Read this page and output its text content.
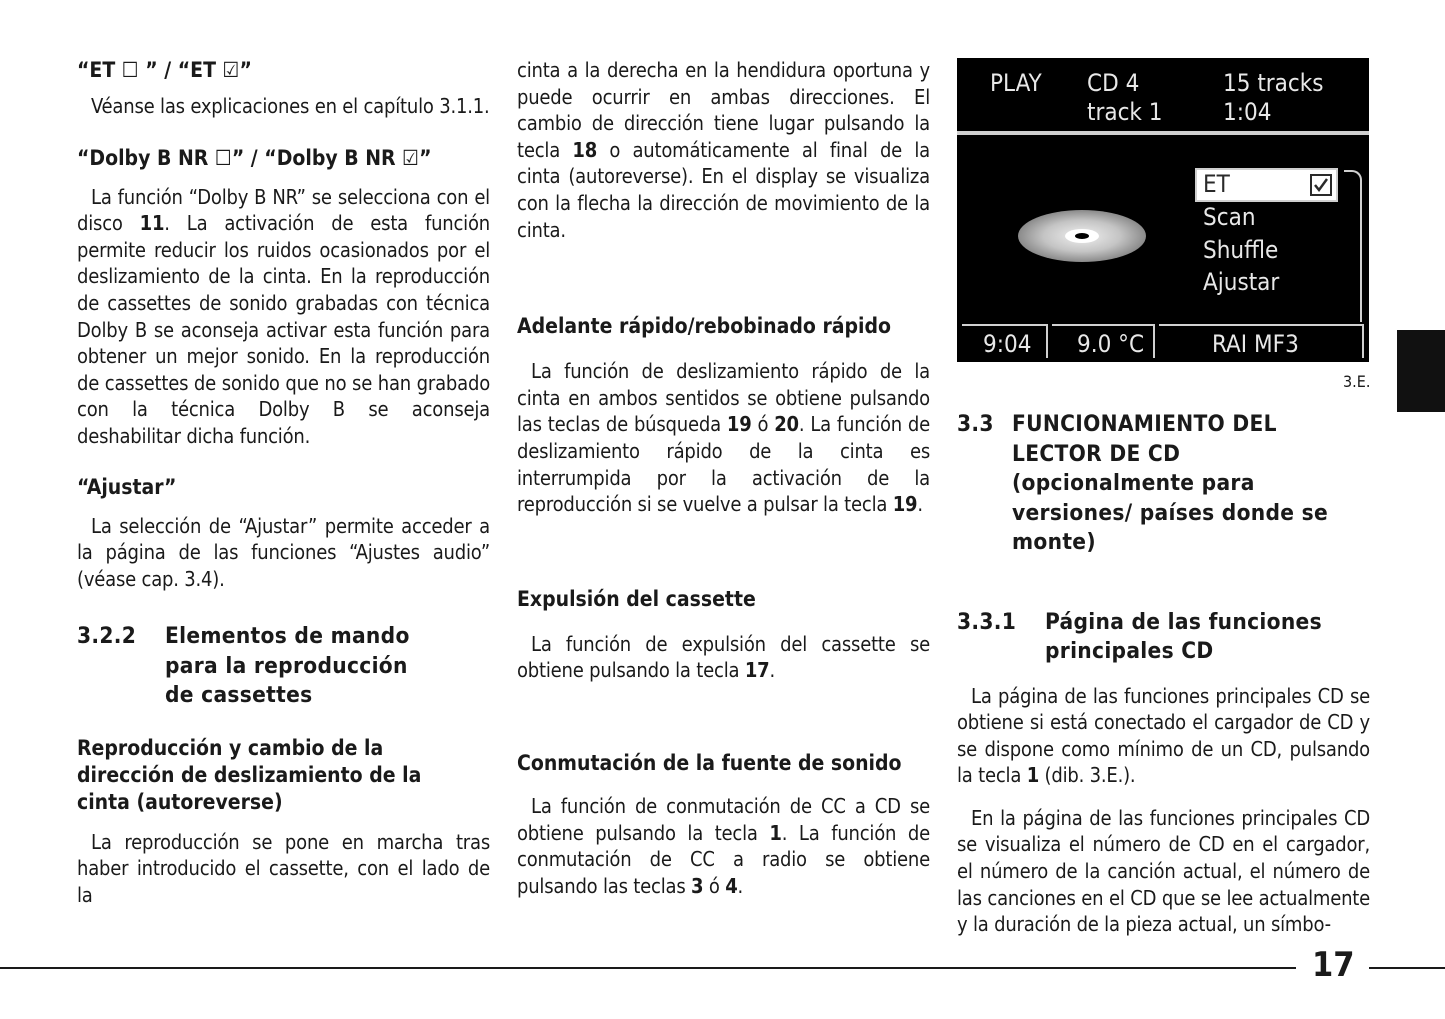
“ET ☐ ” / “ET ☑”

Véanse las explicaciones en el capítulo 3.1.1.

“Dolby B NR ☐” / “Dolby B NR ☑”

La función “Dolby B NR” se selecciona con el disco 11. La activación de esta función permite reducir los ruidos ocasionados por el deslizamiento de la cinta. En la reproducción de cassettes de sonido grabadas con técnica Dolby B se aconseja activar esta función para obtener un mejor sonido. En la reproducción de cassettes de sonido que no se han grabado con la técnica Dolby B se aconseja deshabilitar dicha función.

“Ajustar”

La selección de “Ajustar” permite acceder a la página de las funciones “Ajustes audio” (véase cap. 3.4).

3.2.2	Elementos de mando para la reproducción de cassettes

Reproducción y cambio de la dirección de deslizamiento de la cinta (autoreverse)

La reproducción se pone en marcha tras haber introducido el cassette, con el lado de la

cinta a la derecha en la hendidura oportuna y puede ocurrir en ambas direcciones. El cambio de dirección tiene lugar pulsando la tecla 18 o automáticamente al final de la cinta (autoreverse). En el display se visualiza con la flecha la dirección de movimiento de la cinta.

Adelante rápido/rebobinado rápido

La función de deslizamiento rápido de la cinta en ambos sentidos se obtiene pulsando las teclas de búsqueda 19 ó 20. La función de deslizamiento rápido de la cinta es interrumpida por la activación de la reproducción si se vuelve a pulsar la tecla 19.

Expulsión del cassette

La función de expulsión del cassette se obtiene pulsando la tecla 17.

Conmutación de la fuente de sonido

La función de conmutación de CC a CD se obtiene pulsando la tecla 1. La función de conmutación de CC a radio se obtiene pulsando las teclas 3 ó 4.

PLAY CD 4	15 tracks
track 1	1:04
ET
Scan
Shuffle
Ajustar
9:04 9.0 °C	RAI MF3
3.E.
3.3 FUNCIONAMIENTO DEL LECTOR DE CD (opcionalmente para versiones/ países donde se monte)
3.3.1	Página de las funciones principales CD

La página de las funciones principales CD se obtiene si está conectado el cargador de CD y se dispone como mínimo de un CD, pulsando la tecla 1 (dib. 3.E.).

En la página de las funciones principales CD se visualiza el número de CD en el cargador, el número de la canción actual, el número de las canciones en el CD que se lee actualmente y la duración de la pieza actual, un símbo-

17
